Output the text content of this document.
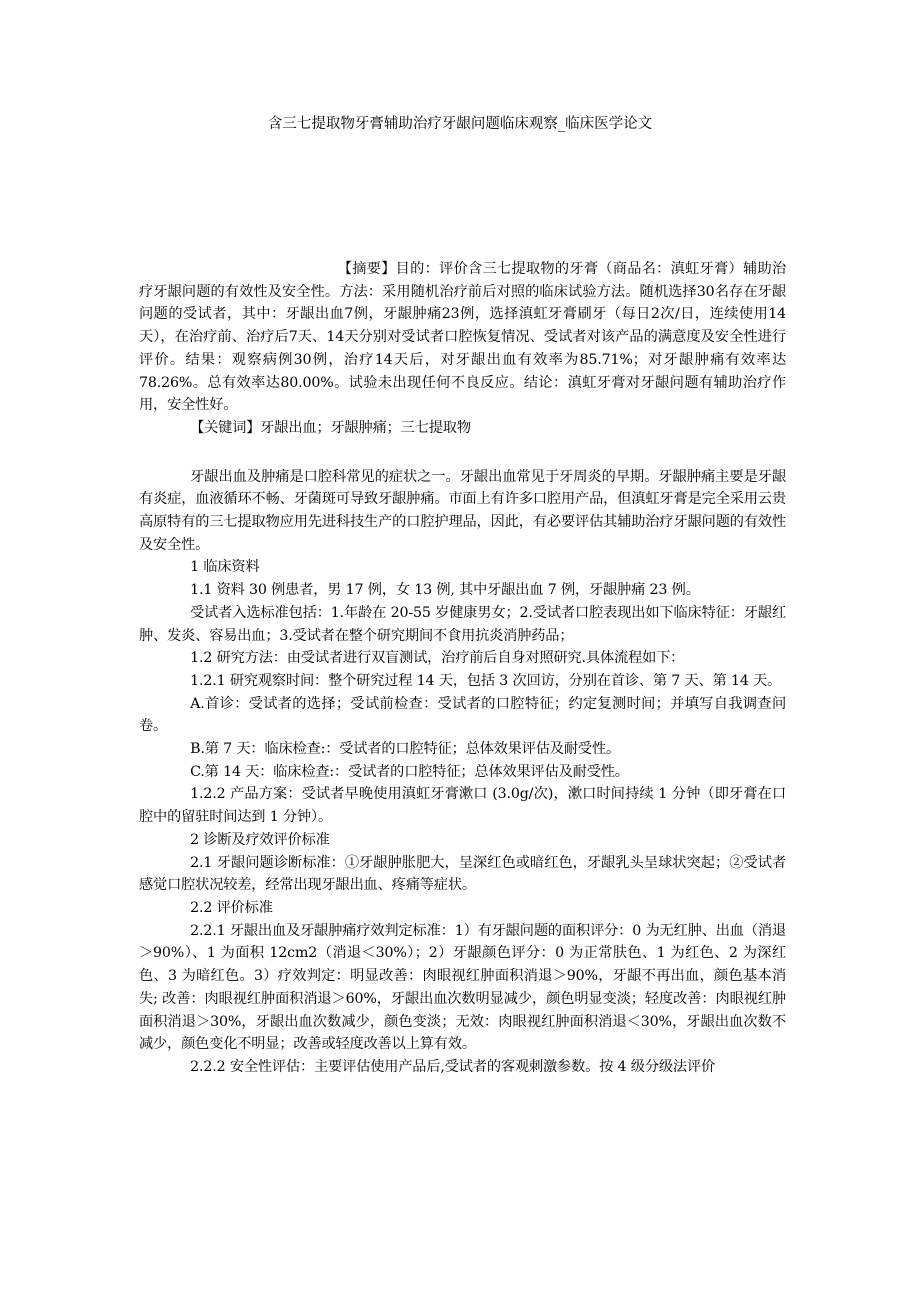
含三七提取物牙膏辅助治疗牙龈问题临床观察_临床医学论文

【摘要】目的：评价含三七提取物的牙膏（商品名：滇虹牙膏）辅助治疗牙龈问题的有效性及安全性。方法：采用随机治疗前后对照的临床试验方法。随机选择30名存在牙龈问题的受试者，其中：牙龈出血7例，牙龈肿痛23例，选择滇虹牙膏刷牙（每日2次/日，连续使用14天），在治疗前、治疗后7天、14天分别对受试者口腔恢复情况、受试者对该产品的满意度及安全性进行评价。结果：观察病例30例，治疗14天后，对牙龈出血有效率为85.71%；对牙龈肿痛有效率达78.26%。总有效率达80.00%。试验未出现任何不良反应。结论：滇虹牙膏对牙龈问题有辅助治疗作用，安全性好。

【关键词】牙龈出血；牙龈肿痛；三七提取物

牙龈出血及肿痛是口腔科常见的症状之一。牙龈出血常见于牙周炎的早期。牙龈肿痛主要是牙龈有炎症，血液循环不畅、牙菌斑可导致牙龈肿痛。市面上有许多口腔用产品，但滇虹牙膏是完全采用云贵高原特有的三七提取物应用先进科技生产的口腔护理品，因此，有必要评估其辅助治疗牙龈问题的有效性及安全性。

1 临床资料

1.1 资料 30 例患者，男 17 例，女 13 例, 其中牙龈出血 7 例，牙龈肿痛 23 例。

受试者入选标准包括：1.年龄在 20-55 岁健康男女；2.受试者口腔表现出如下临床特征：牙龈红肿、发炎、容易出血；3.受试者在整个研究期间不食用抗炎消肿药品；

1.2 研究方法：由受试者进行双盲测试，治疗前后自身对照研究.具体流程如下：

1.2.1 研究观察时间：整个研究过程 14 天，包括 3 次回访，分别在首诊、第 7 天、第 14 天。

A.首诊：受试者的选择；受试前检查：受试者的口腔特征；约定复测时间；并填写自我调查问卷。

B.第 7 天：临床检查:：受试者的口腔特征；总体效果评估及耐受性。

C.第 14 天：临床检查:：受试者的口腔特征；总体效果评估及耐受性。

1.2.2 产品方案：受试者早晚使用滇虹牙膏漱口 (3.0g/次)，漱口时间持续 1 分钟（即牙膏在口腔中的留驻时间达到 1 分钟）。

2 诊断及疗效评价标准

2.1 牙龈问题诊断标准：①牙龈肿胀肥大，呈深红色或暗红色，牙龈乳头呈球状突起；②受试者感觉口腔状况较差，经常出现牙龈出血、疼痛等症状。

2.2 评价标准

2.2.1 牙龈出血及牙龈肿痛疗效判定标准：1）有牙龈问题的面积评分：0 为无红肿、出血（消退＞90%）、1 为面积 12cm2（消退＜30%）；2）牙龈颜色评分：0 为正常肤色、1 为红色、2 为深红色、3 为暗红色。3）疗效判定：明显改善：肉眼视红肿面积消退＞90%，牙龈不再出血，颜色基本消失; 改善：肉眼视红肿面积消退＞60%，牙龈出血次数明显减少，颜色明显变淡；轻度改善：肉眼视红肿面积消退＞30%，牙龈出血次数减少，颜色变淡；无效：肉眼视红肿面积消退＜30%，牙龈出血次数不减少，颜色变化不明显；改善或轻度改善以上算有效。

2.2.2 安全性评估：主要评估使用产品后,受试者的客观刺激参数。按 4 级分级法评价
